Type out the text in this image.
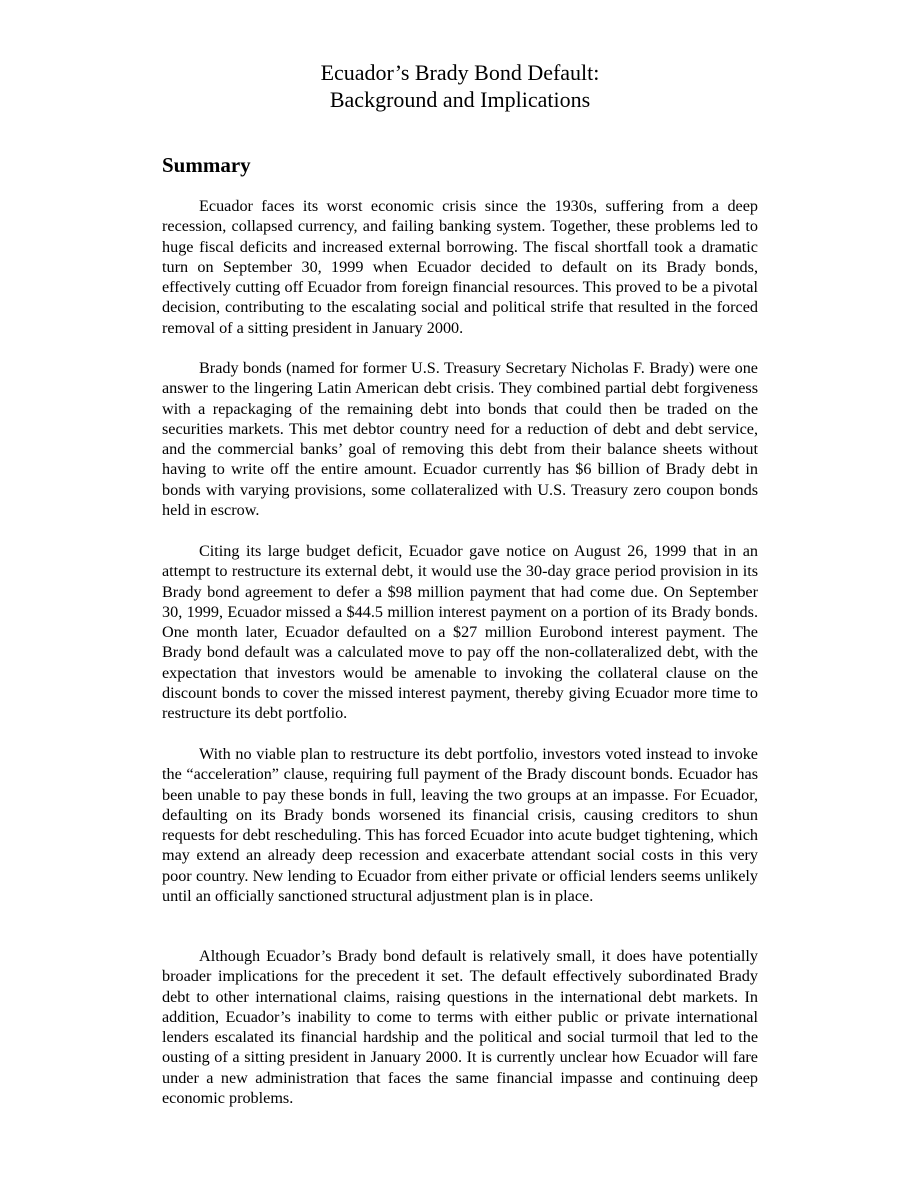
Ecuador’s Brady Bond Default:
Background and Implications
Summary

Ecuador faces its worst economic crisis since the 1930s, suffering from a deep recession, collapsed currency, and failing banking system. Together, these problems led to huge fiscal deficits and increased external borrowing. The fiscal shortfall took a dramatic turn on September 30, 1999 when Ecuador decided to default on its Brady bonds, effectively cutting off Ecuador from foreign financial resources. This proved to be a pivotal decision, contributing to the escalating social and political strife that resulted in the forced removal of a sitting president in January 2000.

Brady bonds (named for former U.S. Treasury Secretary Nicholas F. Brady) were one answer to the lingering Latin American debt crisis. They combined partial debt forgiveness with a repackaging of the remaining debt into bonds that could then be traded on the securities markets. This met debtor country need for a reduction of debt and debt service, and the commercial banks’ goal of removing this debt from their balance sheets without having to write off the entire amount. Ecuador currently has $6 billion of Brady debt in bonds with varying provisions, some collateralized with U.S. Treasury zero coupon bonds held in escrow.

Citing its large budget deficit, Ecuador gave notice on August 26, 1999 that in an attempt to restructure its external debt, it would use the 30-day grace period provision in its Brady bond agreement to defer a $98 million payment that had come due. On September 30, 1999, Ecuador missed a $44.5 million interest payment on a portion of its Brady bonds. One month later, Ecuador defaulted on a $27 million Eurobond interest payment. The Brady bond default was a calculated move to pay off the non-collateralized debt, with the expectation that investors would be amenable to invoking the collateral clause on the discount bonds to cover the missed interest payment, thereby giving Ecuador more time to restructure its debt portfolio.

With no viable plan to restructure its debt portfolio, investors voted instead to invoke the “acceleration” clause, requiring full payment of the Brady discount bonds. Ecuador has been unable to pay these bonds in full, leaving the two groups at an impasse. For Ecuador, defaulting on its Brady bonds worsened its financial crisis, causing creditors to shun requests for debt rescheduling. This has forced Ecuador into acute budget tightening, which may extend an already deep recession and exacerbate attendant social costs in this very poor country. New lending to Ecuador from either private or official lenders seems unlikely until an officially sanctioned structural adjustment plan is in place.

Although Ecuador’s Brady bond default is relatively small, it does have potentially broader implications for the precedent it set. The default effectively subordinated Brady debt to other international claims, raising questions in the international debt markets. In addition, Ecuador’s inability to come to terms with either public or private international lenders escalated its financial hardship and the political and social turmoil that led to the ousting of a sitting president in January 2000. It is currently unclear how Ecuador will fare under a new administration that faces the same financial impasse and continuing deep economic problems.
